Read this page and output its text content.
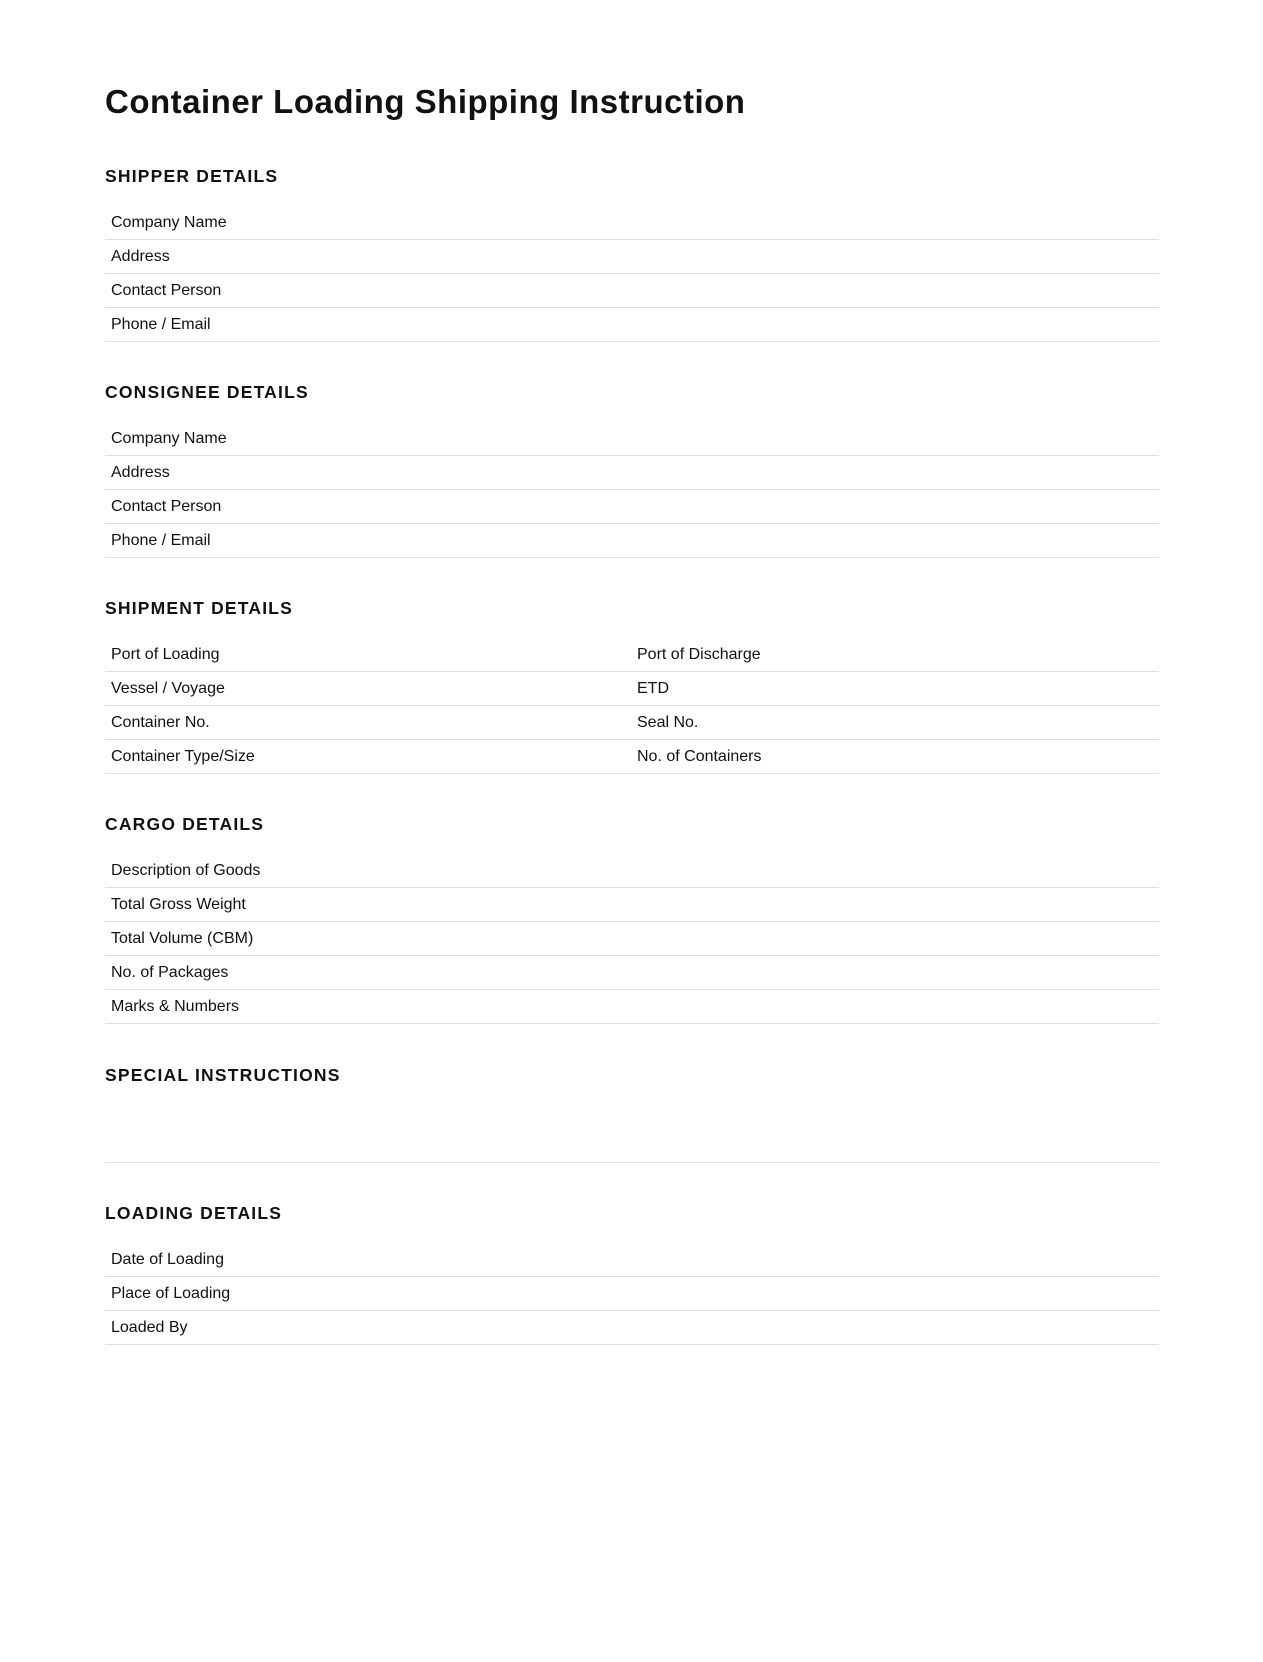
Container Loading Shipping Instruction
SHIPPER DETAILS
Company Name
Address
Contact Person
Phone / Email
CONSIGNEE DETAILS
Company Name
Address
Contact Person
Phone / Email
SHIPMENT DETAILS
Port of Loading	Port of Discharge
Vessel / Voyage	ETD
Container No.	Seal No.
Container Type/Size	No. of Containers
CARGO DETAILS
Description of Goods
Total Gross Weight
Total Volume (CBM)
No. of Packages
Marks & Numbers
SPECIAL INSTRUCTIONS
LOADING DETAILS
Date of Loading
Place of Loading
Loaded By
